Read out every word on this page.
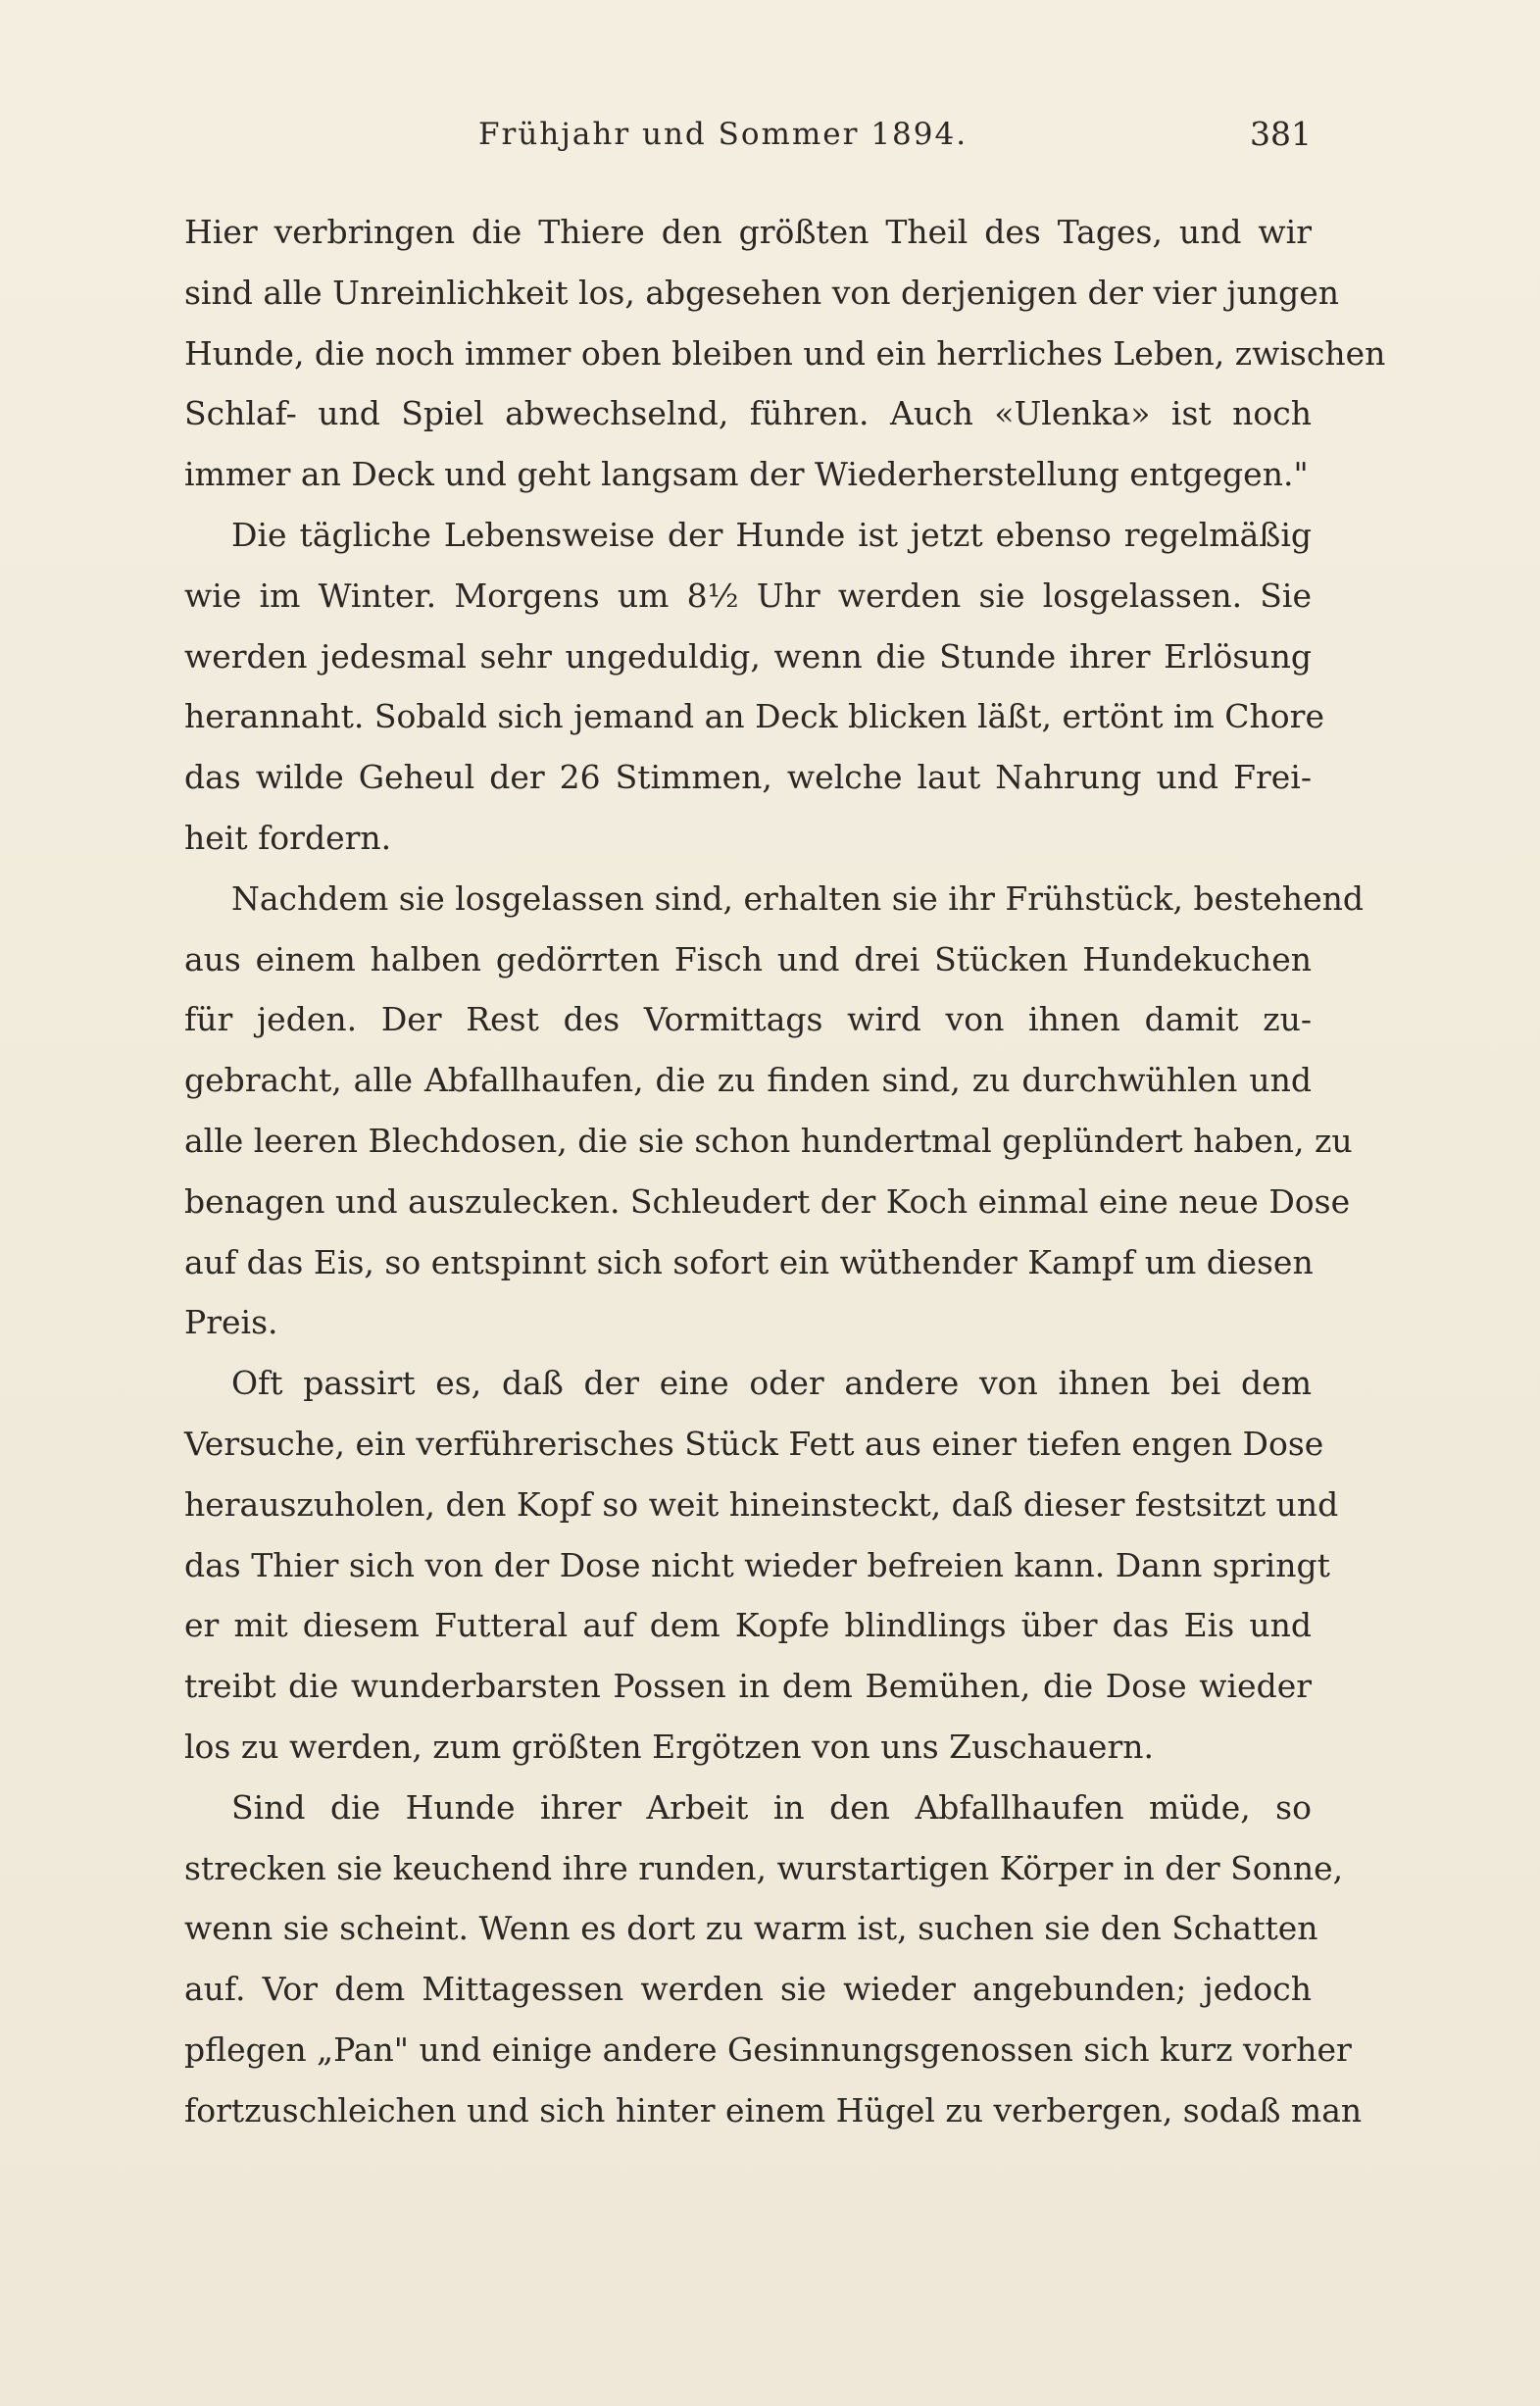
Frühjahr und Sommer 1894.	381
Hier verbringen die Thiere den größten Theil des Tages, und wir
sind alle Unreinlichkeit los, abgesehen von derjenigen der vier jungen
Hunde, die noch immer oben bleiben und ein herrliches Leben, zwischen
Schlaf- und Spiel abwechselnd, führen. Auch «Ulenka» ist noch
immer an Deck und geht langsam der Wiederherstellung entgegen."
Die tägliche Lebensweise der Hunde ist jetzt ebenso regelmäßig
wie im Winter. Morgens um 8½ Uhr werden sie losgelassen. Sie
werden jedesmal sehr ungeduldig, wenn die Stunde ihrer Erlösung
herannaht. Sobald sich jemand an Deck blicken läßt, ertönt im Chore
das wilde Geheul der 26 Stimmen, welche laut Nahrung und Frei-
heit fordern.
Nachdem sie losgelassen sind, erhalten sie ihr Frühstück, bestehend
aus einem halben gedörrten Fisch und drei Stücken Hundekuchen
für jeden. Der Rest des Vormittags wird von ihnen damit zu-
gebracht, alle Abfallhaufen, die zu finden sind, zu durchwühlen und
alle leeren Blechdosen, die sie schon hundertmal geplündert haben, zu
benagen und auszulecken. Schleudert der Koch einmal eine neue Dose
auf das Eis, so entspinnt sich sofort ein wüthender Kampf um diesen
Preis.
Oft passirt es, daß der eine oder andere von ihnen bei dem
Versuche, ein verführerisches Stück Fett aus einer tiefen engen Dose
herauszuholen, den Kopf so weit hineinsteckt, daß dieser festsitzt und
das Thier sich von der Dose nicht wieder befreien kann. Dann springt
er mit diesem Futteral auf dem Kopfe blindlings über das Eis und
treibt die wunderbarsten Possen in dem Bemühen, die Dose wieder
los zu werden, zum größten Ergötzen von uns Zuschauern.
Sind die Hunde ihrer Arbeit in den Abfallhaufen müde, so
strecken sie keuchend ihre runden, wurstartigen Körper in der Sonne,
wenn sie scheint. Wenn es dort zu warm ist, suchen sie den Schatten
auf. Vor dem Mittagessen werden sie wieder angebunden; jedoch
pflegen „Pan" und einige andere Gesinnungsgenossen sich kurz vorher
fortzuschleichen und sich hinter einem Hügel zu verbergen, sodaß man
